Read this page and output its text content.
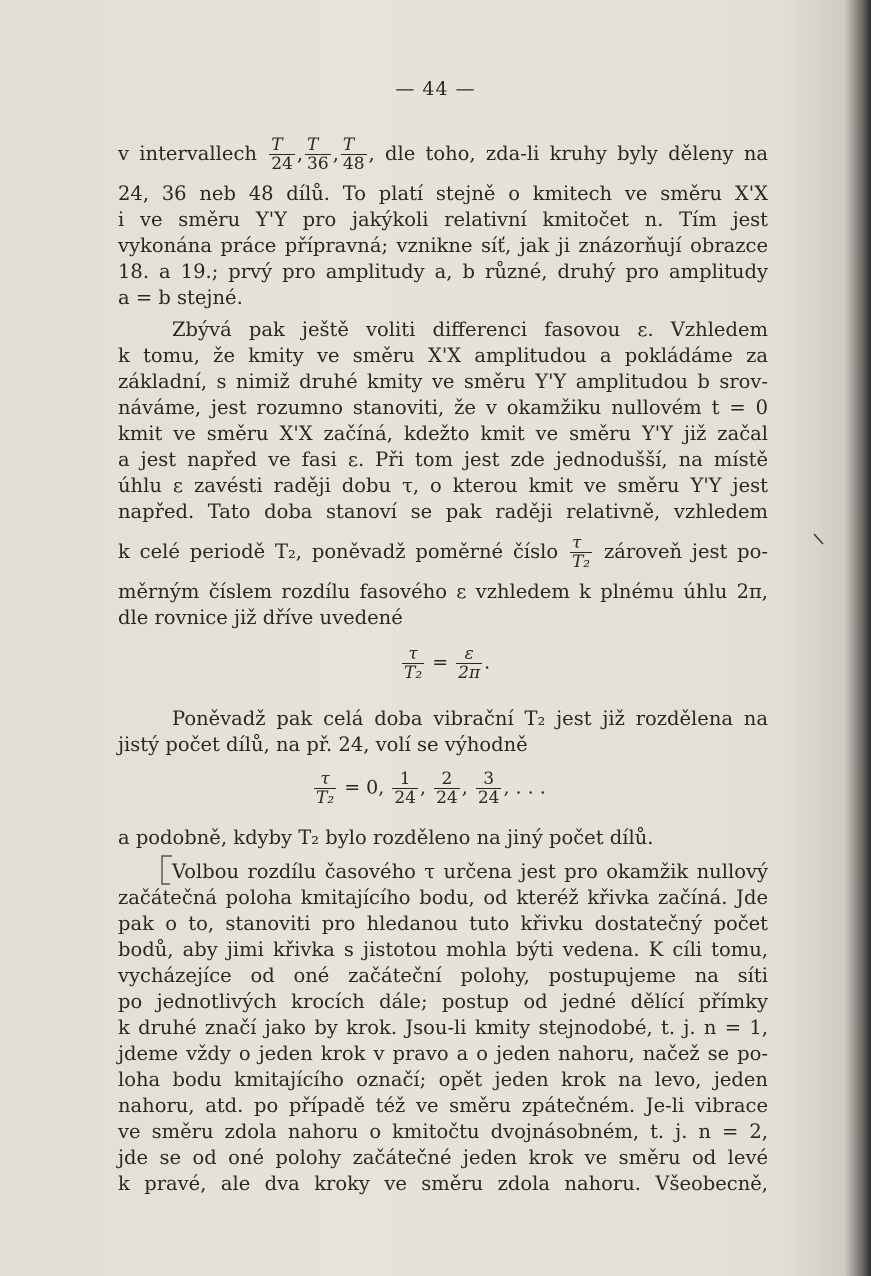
— 44 —
v intervallech $\frac{T}{24}$ , $\frac{T}{36}$ , $\frac{T}{48}$ , dle toho, zda-li kruhy byly děleny na
24, 36 neb 48 dílů. To platí stejně o kmitech ve směru X'X
i ve směru Y'Y pro jakýkoli relativní kmitočet n. Tím jest
vykonána práce přípravná; vznikne síť, jak ji znázorňují obrazce
18. a 19.; prvý pro amplitudy a, b různé, druhý pro amplitudy
a = b stejné.
Zbývá pak ještě voliti differenci fasovou ε. Vzhledem
k tomu, že kmity ve směru X'X amplitudou a pokládáme za
základní, s nimiž druhé kmity ve směru Y'Y amplitudou b srov-
náváme, jest rozumno stanoviti, že v okamžiku nullovém t = 0
kmit ve směru X'X začíná, kdežto kmit ve směru Y'Y již začal
a jest napřed ve fasi ε. Při tom jest zde jednodušší, na místě
úhlu ε zavésti raději dobu τ, o kterou kmit ve směru Y'Y jest
napřed. Tato doba stanoví se pak raději relativně, vzhledem
k celé periodě T₂, poněvadž poměrné číslo $\frac{\tau}{\text{T₂}}$ zároveň jest po-
měrným číslem rozdílu fasového ε vzhledem k plnému úhlu 2π,
dle rovnice již dříve uvedené
$\frac{\tau}{\text{T₂}} = \frac{\varepsilon}{2\pi}$ .
Poněvadž pak celá doba vibrační T₂ jest již rozdělena na
jistý počet dílů, na př. 24, volí se výhodně
$\frac{\tau}{\text{T₂}} = 0$, $\frac{1}{24}$ , $\frac{2}{24}$ , $\frac{3}{24}$ , . . .
a podobně, kdyby T₂ bylo rozděleno na jiný počet dílů.
Volbou rozdílu časového τ určena jest pro okamžik nullový
začátečná poloha kmitajícího bodu, od kteréž křivka začíná. Jde
pak o to, stanoviti pro hledanou tuto křivku dostatečný počet
bodů, aby jimi křivka s jistotou mohla býti vedena. K cíli tomu,
vycházejíce od oné začáteční polohy, postupujeme na síti
po jednotlivých krocích dále; postup od jedné dělící přímky
k druhé značí jako by krok. Jsou-li kmity stejnodobé, t. j. n = 1,
jdeme vždy o jeden krok v pravo a o jeden nahoru, načež se po-
loha bodu kmitajícího označí; opět jeden krok na levo, jeden
nahoru, atd. po případě též ve směru zpátečném. Je-li vibrace
ve směru zdola nahoru o kmitočtu dvojnásobném, t. j. n = 2,
jde se od oné polohy začátečné jeden krok ve směru od levé
k pravé, ale dva kroky ve směru zdola nahoru. Všeobecně,
